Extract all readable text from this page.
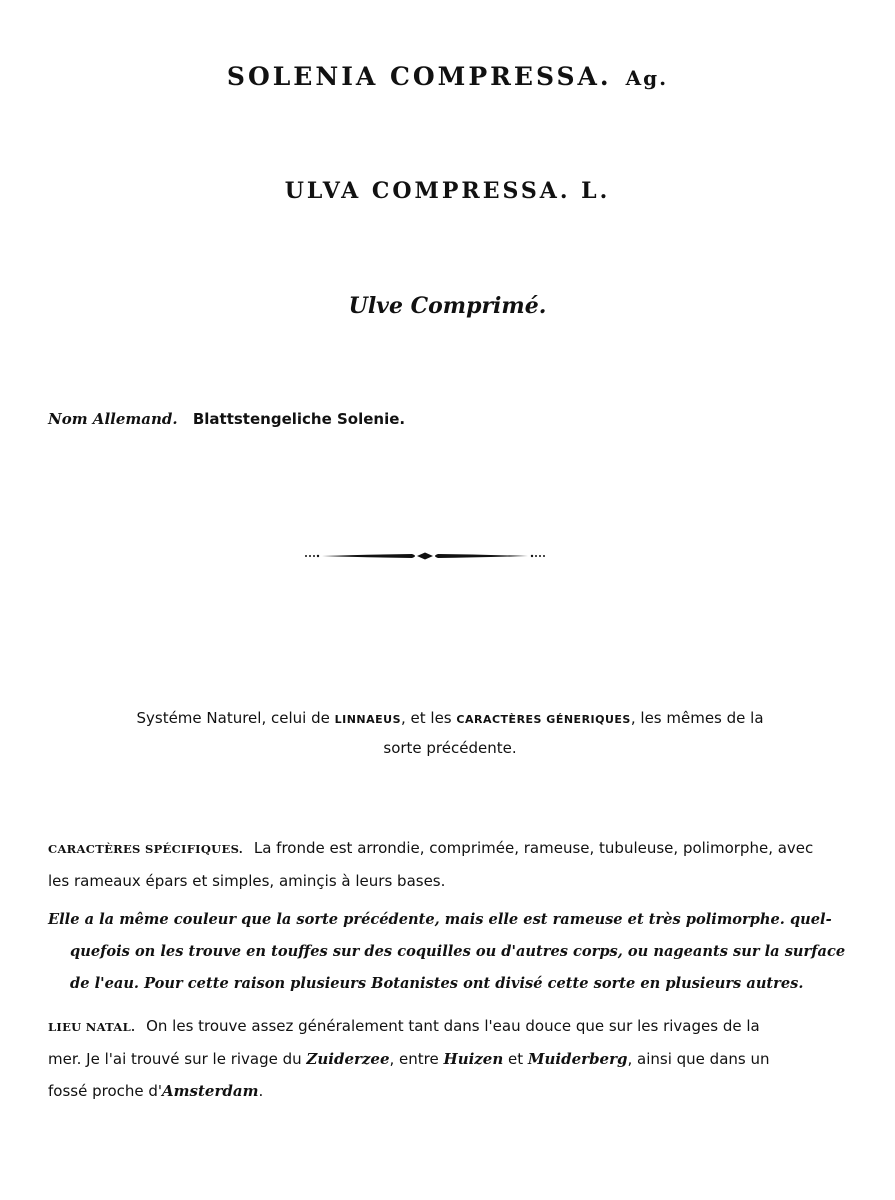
SOLENIA COMPRESSA. Ag.
ULVA COMPRESSA. L.
Ulve Comprimé.
Nom Allemand. Blattstengeliche Solenie.
Systéme Naturel, celui de LINNAEUS, et les CARACTÈRES GÉNERIQUES, les mêmes de la
sorte précédente.
CARACTÈRES SPÉCIFIQUES. La fronde est arrondie, comprimée, rameuse, tubuleuse, polimorphe, avec
les rameaux épars et simples, aminçis à leurs bases.
Elle a la même couleur que la sorte précédente, mais elle est rameuse et très polimorphe. quel-
quefois on les trouve en touffes sur des coquilles ou d'autres corps, ou nageants sur la surface
de l'eau. Pour cette raison plusieurs Botanistes ont divisé cette sorte en plusieurs autres.
LIEU NATAL. On les trouve assez généralement tant dans l'eau douce que sur les rivages de la
mer. Je l'ai trouvé sur le rivage du Zuiderzee, entre Huizen et Muiderberg, ainsi que dans un
fossé proche d'Amsterdam.
